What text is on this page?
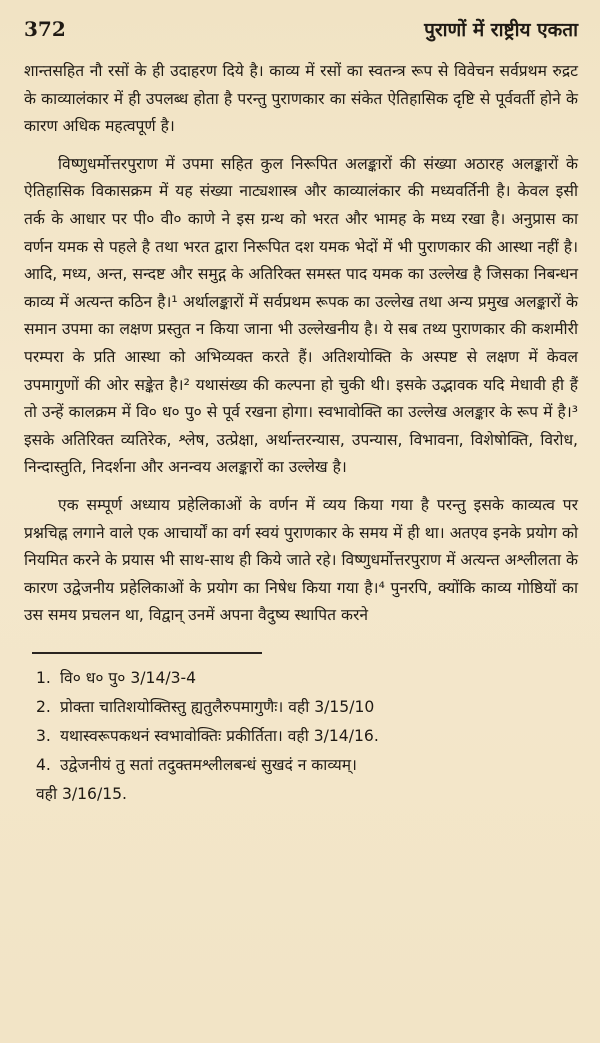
372	पुराणों में राष्ट्रीय एकता

शान्तसहित नौ रसों के ही उदाहरण दिये है। काव्य में रसों का स्वतन्त्र रूप से विवेचन सर्वप्रथम रुद्रट के काव्यालंकार में ही उपलब्ध होता है परन्तु पुराणकार का संकेत ऐतिहासिक दृष्टि से पूर्ववर्ती होने के कारण अधिक महत्वपूर्ण है।

विष्णुधर्मोत्तरपुराण में उपमा सहित कुल निरूपित अलङ्कारों की संख्या अठारह अलङ्कारों के ऐतिहासिक विकासक्रम में यह संख्या नाट्यशास्त्र और काव्यालंकार की मध्यवर्तिनी है। केवल इसी तर्क के आधार पर पी० वी० काणे ने इस ग्रन्थ को भरत और भामह के मध्य रखा है। अनुप्रास का वर्णन यमक से पहले है तथा भरत द्वारा निरूपित दश यमक भेदों में भी पुराणकार की आस्था नहीं है। आदि, मध्य, अन्त, सन्दष्ट और समुद्ग के अतिरिक्त समस्त पाद यमक का उल्लेख है जिसका निबन्धन काव्य में अत्यन्त कठिन है।¹ अर्थालङ्कारों में सर्वप्रथम रूपक का उल्लेख तथा अन्य प्रमुख अलङ्कारों के समान उपमा का लक्षण प्रस्तुत न किया जाना भी उल्लेखनीय है। ये सब तथ्य पुराणकार की कशमीरी परम्परा के प्रति आस्था को अभिव्यक्त करते हैं। अतिशयोक्ति के अस्पष्ट से लक्षण में केवल उपमागुणों की ओर सङ्केत है।² यथासंख्य की कल्पना हो चुकी थी। इसके उद्भावक यदि मेधावी ही हैं तो उन्हें कालक्रम में वि० ध० पु० से पूर्व रखना होगा। स्वभावोक्ति का उल्लेख अलङ्कार के रूप में है।³ इसके अतिरिक्त व्यतिरेक, श्लेष, उत्प्रेक्षा, अर्थान्तरन्यास, उपन्यास, विभावना, विशेषोक्ति, विरोध, निन्दास्तुति, निदर्शना और अनन्वय अलङ्कारों का उल्लेख है।

एक सम्पूर्ण अध्याय प्रहेलिकाओं के वर्णन में व्यय किया गया है परन्तु इसके काव्यत्व पर प्रश्नचिह्न लगाने वाले एक आचार्यों का वर्ग स्वयं पुराणकार के समय में ही था। अतएव इनके प्रयोग को नियमित करने के प्रयास भी साथ-साथ ही किये जाते रहे। विष्णुधर्मोत्तरपुराण में अत्यन्त अश्लीलता के कारण उद्वेजनीय प्रहेलिकाओं के प्रयोग का निषेध किया गया है।⁴ पुनरपि, क्योंकि काव्य गोष्ठियों का उस समय प्रचलन था, विद्वान् उनमें अपना वैदुष्य स्थापित करने

1. वि० ध० पु० 3/14/3-4
2. प्रोक्ता चातिशयोक्तिस्तु ह्यतुलैरुपमागुणैः। वही 3/15/10
3. यथास्वरूपकथनं स्वभावोक्तिः प्रकीर्तिता। वही 3/14/16.
4. उद्वेजनीयं तु सतां तदुक्तमश्लीलबन्धं सुखदं न काव्यम्।
वही 3/16/15.
